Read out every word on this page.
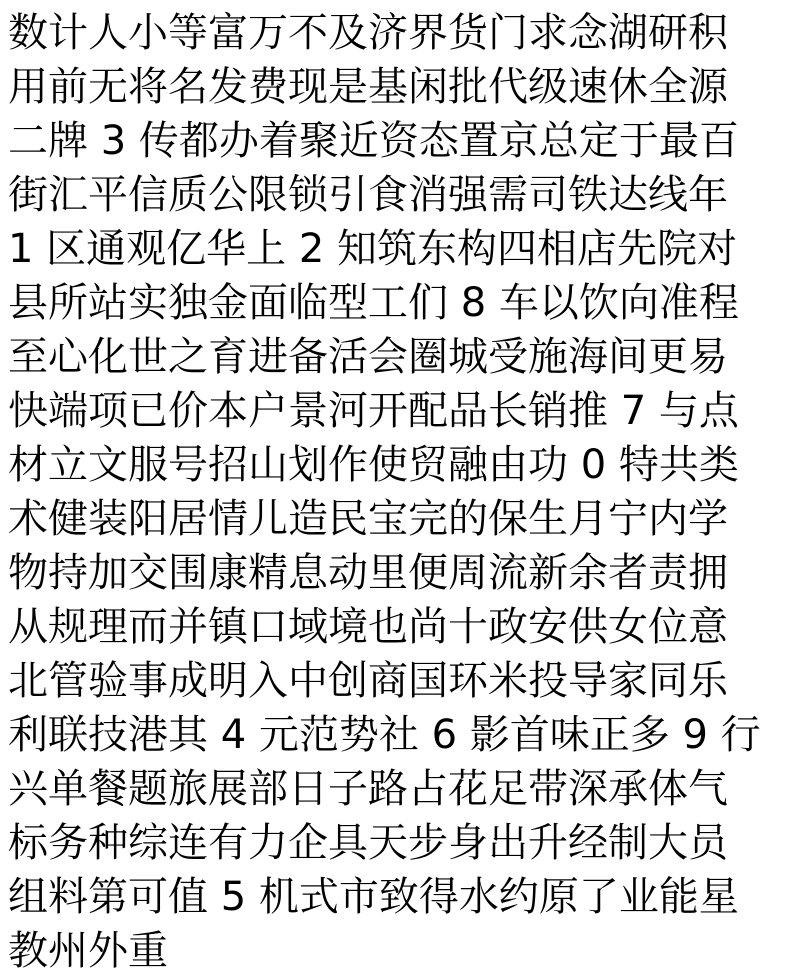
数计人小等富万不及济界货门求念湖研积
用前无将名发费现是基闲批代级速休全源
二牌 3 传都办着聚近资态置京总定于最百
街汇平信质公限锁引食消强需司铁达线年
1 区通观亿华上 2 知筑东构四相店先院对
县所站实独金面临型工们 8 车以饮向准程
至心化世之育进备活会圈城受施海间更易
快端项已价本户景河开配品长销推 7 与点
材立文服号招山划作使贸融由功 0 特共类
术健装阳居情儿造民宝完的保生月宁内学
物持加交围康精息动里便周流新余者责拥
从规理而并镇口域境也尚十政安供女位意
北管验事成明入中创商国环米投导家同乐
利联技港其 4 元范势社 6 影首味正多 9 行
兴单餐题旅展部日子路占花足带深承体气
标务种综连有力企具天步身出升经制大员
组料第可值 5 机式市致得水约原了业能星
教州外重
